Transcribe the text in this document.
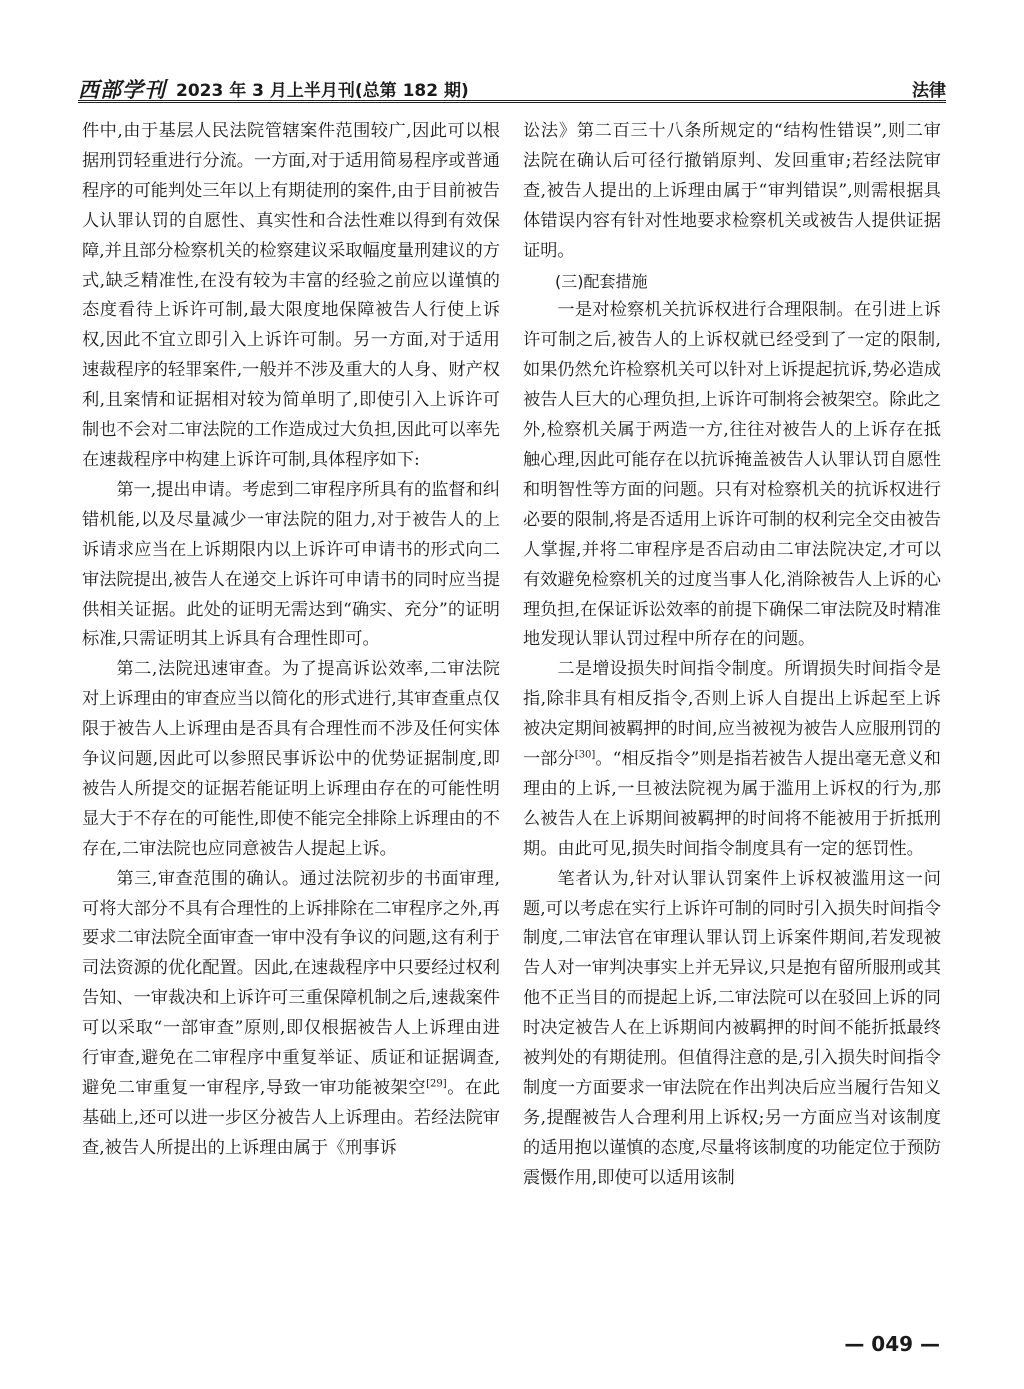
西部学刊 2023 年 3 月上半月刊(总第 182 期)	法律

件中,由于基层人民法院管辖案件范围较广,因此可以根据刑罚轻重进行分流。一方面,对于适用简易程序或普通程序的可能判处三年以上有期徒刑的案件,由于目前被告人认罪认罚的自愿性、真实性和合法性难以得到有效保障,并且部分检察机关的检察建议采取幅度量刑建议的方式,缺乏精准性,在没有较为丰富的经验之前应以谨慎的态度看待上诉许可制,最大限度地保障被告人行使上诉权,因此不宜立即引入上诉许可制。另一方面,对于适用速裁程序的轻罪案件,一般并不涉及重大的人身、财产权利,且案情和证据相对较为简单明了,即使引入上诉许可制也不会对二审法院的工作造成过大负担,因此可以率先在速裁程序中构建上诉许可制,具体程序如下:

第一,提出申请。考虑到二审程序所具有的监督和纠错机能,以及尽量减少一审法院的阻力,对于被告人的上诉请求应当在上诉期限内以上诉许可申请书的形式向二审法院提出,被告人在递交上诉许可申请书的同时应当提供相关证据。此处的证明无需达到“确实、充分”的证明标准,只需证明其上诉具有合理性即可。

第二,法院迅速审查。为了提高诉讼效率,二审法院对上诉理由的审查应当以简化的形式进行,其审查重点仅限于被告人上诉理由是否具有合理性而不涉及任何实体争议问题,因此可以参照民事诉讼中的优势证据制度,即被告人所提交的证据若能证明上诉理由存在的可能性明显大于不存在的可能性,即使不能完全排除上诉理由的不存在,二审法院也应同意被告人提起上诉。

第三,审查范围的确认。通过法院初步的书面审理,可将大部分不具有合理性的上诉排除在二审程序之外,再要求二审法院全面审查一审中没有争议的问题,这有利于司法资源的优化配置。因此,在速裁程序中只要经过权利告知、一审裁决和上诉许可三重保障机制之后,速裁案件可以采取“一部审查”原则,即仅根据被告人上诉理由进行审查,避免在二审程序中重复举证、质证和证据调查,避免二审重复一审程序,导致一审功能被架空[29]。在此基础上,还可以进一步区分被告人上诉理由。若经法院审查,被告人所提出的上诉理由属于《刑事诉

讼法》第二百三十八条所规定的“结构性错误”,则二审法院在确认后可径行撤销原判、发回重审;若经法院审查,被告人提出的上诉理由属于“审判错误”,则需根据具体错误内容有针对性地要求检察机关或被告人提供证据证明。

(三)配套措施

一是对检察机关抗诉权进行合理限制。在引进上诉许可制之后,被告人的上诉权就已经受到了一定的限制,如果仍然允许检察机关可以针对上诉提起抗诉,势必造成被告人巨大的心理负担,上诉许可制将会被架空。除此之外,检察机关属于两造一方,往往对被告人的上诉存在抵触心理,因此可能存在以抗诉掩盖被告人认罪认罚自愿性和明智性等方面的问题。只有对检察机关的抗诉权进行必要的限制,将是否适用上诉许可制的权利完全交由被告人掌握,并将二审程序是否启动由二审法院决定,才可以有效避免检察机关的过度当事人化,消除被告人上诉的心理负担,在保证诉讼效率的前提下确保二审法院及时精准地发现认罪认罚过程中所存在的问题。

二是增设损失时间指令制度。所谓损失时间指令是指,除非具有相反指令,否则上诉人自提出上诉起至上诉被决定期间被羁押的时间,应当被视为被告人应服刑罚的一部分[30]。“相反指令”则是指若被告人提出毫无意义和理由的上诉,一旦被法院视为属于滥用上诉权的行为,那么被告人在上诉期间被羁押的时间将不能被用于折抵刑期。由此可见,损失时间指令制度具有一定的惩罚性。

笔者认为,针对认罪认罚案件上诉权被滥用这一问题,可以考虑在实行上诉许可制的同时引入损失时间指令制度,二审法官在审理认罪认罚上诉案件期间,若发现被告人对一审判决事实上并无异议,只是抱有留所服刑或其他不正当目的而提起上诉,二审法院可以在驳回上诉的同时决定被告人在上诉期间内被羁押的时间不能折抵最终被判处的有期徒刑。但值得注意的是,引入损失时间指令制度一方面要求一审法院在作出判决后应当履行告知义务,提醒被告人合理利用上诉权;另一方面应当对该制度的适用抱以谨慎的态度,尽量将该制度的功能定位于预防震慑作用,即使可以适用该制

— 049 —
